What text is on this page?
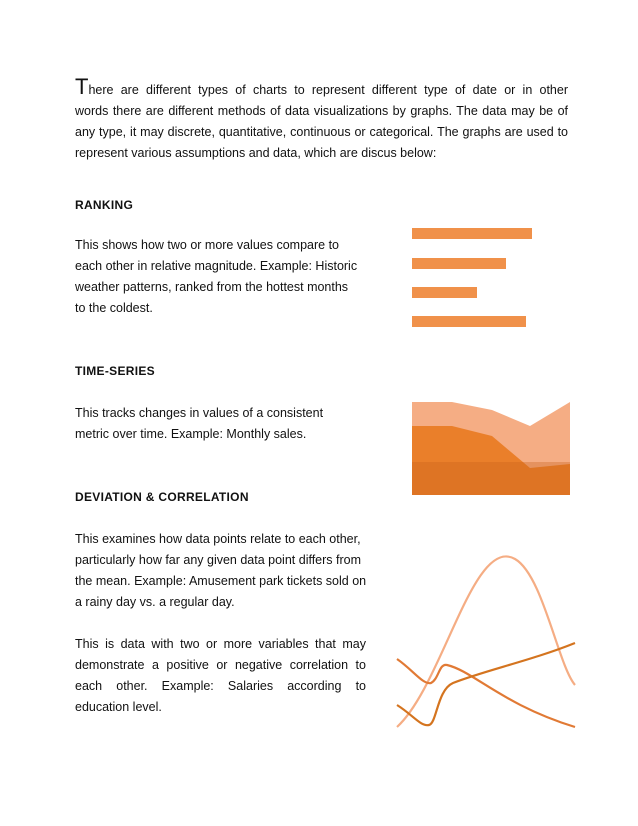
There are different types of charts to represent different type of date or in other
words there are different methods of data visualizations by graphs. The data may be of any type, it may discrete, quantitative, continuous or categorical. The graphs are used to represent various assumptions and data, which are discus below:
RANKING
This shows how two or more values compare to each other in relative magnitude. Example: Historic weather patterns, ranked from the hottest months to the coldest.
TIME-SERIES
This tracks changes in values of a consistent metric over time. Example: Monthly sales.
DEVIATION & CORRELATION
This examines how data points relate to each other, particularly how far any given data point differs from the mean. Example: Amusement park tickets sold on a rainy day vs. a regular day.
This is data with two or more variables that may demonstrate a positive or negative correlation to each other. Example: Salaries according to education level.
